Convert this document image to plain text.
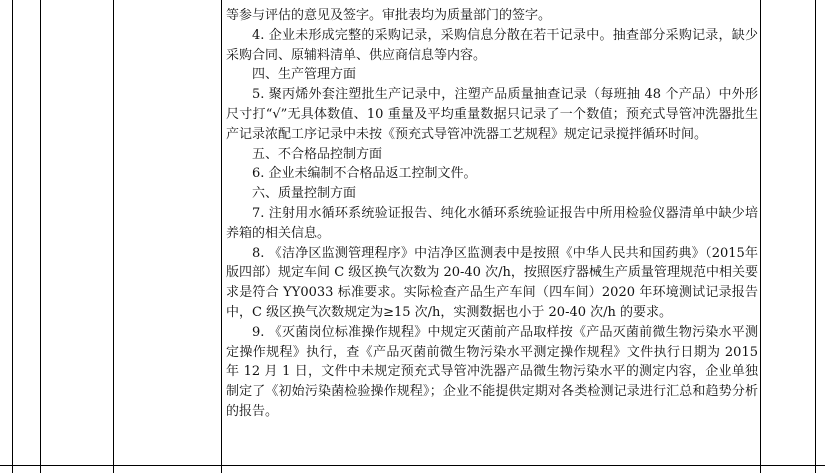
等参与评估的意见及签字。审批表均为质量部门的签字。

4. 企业未形成完整的采购记录，采购信息分散在若干记录中。抽查部分采购记录，缺少采购合同、原辅料清单、供应商信息等内容。

四、生产管理方面

5. 聚丙烯外套注塑批生产记录中，注塑产品质量抽查记录（每班抽 48 个产品）中外形尺寸打“√”无具体数值、10 重量及平均重量数据只记录了一个数值；预充式导管冲洗器批生产记录浓配工序记录中未按《预充式导管冲洗器工艺规程》规定记录搅拌循环时间。

五、不合格品控制方面

6. 企业未编制不合格品返工控制文件。

六、质量控制方面

7. 注射用水循环系统验证报告、纯化水循环系统验证报告中所用检验仪器清单中缺少培养箱的相关信息。

8. 《洁净区监测管理程序》中洁净区监测表中是按照《中华人民共和国药典》（2015年版四部）规定车间 C 级区换气次数为 20-40 次/h，按照医疗器械生产质量管理规范中相关要求是符合 YY0033 标准要求。实际检查产品生产车间（四车间）2020 年环境测试记录报告中，C 级区换气次数规定为≥15 次/h，实测数据也小于 20-40 次/h 的要求。

9. 《灭菌岗位标准操作规程》中规定灭菌前产品取样按《产品灭菌前微生物污染水平测定操作规程》执行，查《产品灭菌前微生物污染水平测定操作规程》文件执行日期为 2015 年 12 月 1 日，文件中未规定预充式导管冲洗器产品微生物污染水平的测定内容，企业单独制定了《初始污染菌检验操作规程》；企业不能提供定期对各类检测记录进行汇总和趋势分析的报告。
